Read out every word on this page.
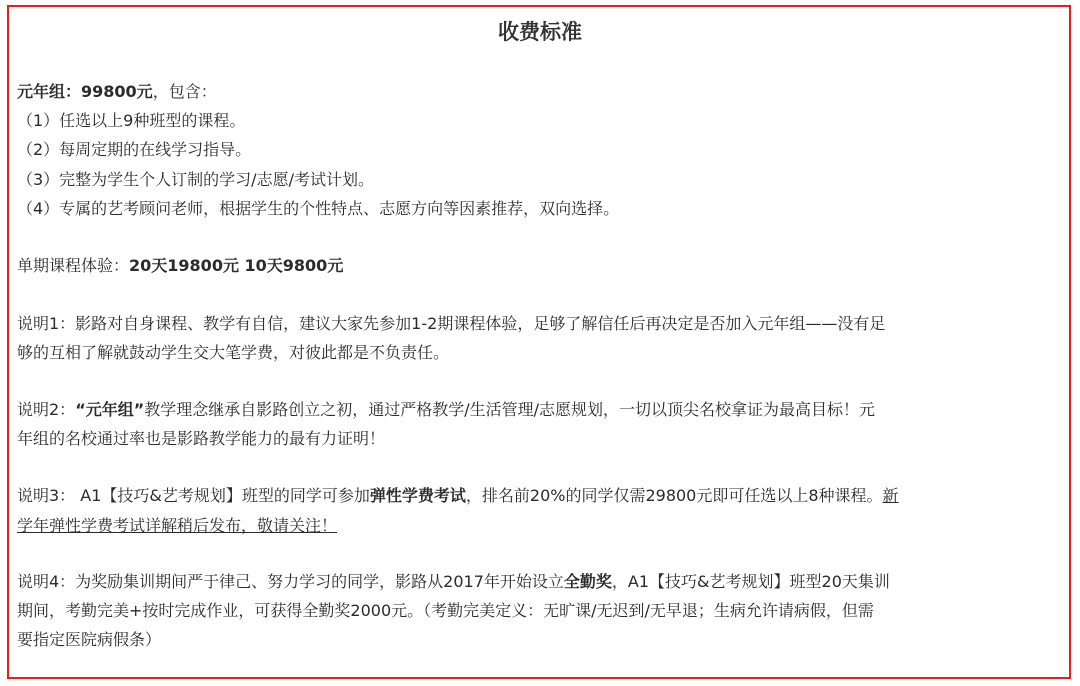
收费标准
元年组：99800元，包含：
（1）任选以上9种班型的课程。
（2）每周定期的在线学习指导。
（3）完整为学生个人订制的学习/志愿/考试计划。
（4）专属的艺考顾问老师，根据学生的个性特点、志愿方向等因素推荐，双向选择。
单期课程体验：20天19800元 10天9800元
说明1：影路对自身课程、教学有自信，建议大家先参加1-2期课程体验，足够了解信任后再决定是否加入元年组——没有足
够的互相了解就鼓动学生交大笔学费，对彼此都是不负责任。
说明2：“元年组”教学理念继承自影路创立之初，通过严格教学/生活管理/志愿规划，一切以顶尖名校拿证为最高目标！元
年组的名校通过率也是影路教学能力的最有力证明！
说明3： A1【技巧&艺考规划】班型的同学可参加弹性学费考试，排名前20%的同学仅需29800元即可任选以上8种课程。新
学年弹性学费考试详解稍后发布，敬请关注！
说明4：为奖励集训期间严于律己、努力学习的同学，影路从2017年开始设立全勤奖，A1【技巧&艺考规划】班型20天集训
期间，考勤完美+按时完成作业，可获得全勤奖2000元。（考勤完美定义：无旷课/无迟到/无早退；生病允许请病假，但需
要指定医院病假条）
